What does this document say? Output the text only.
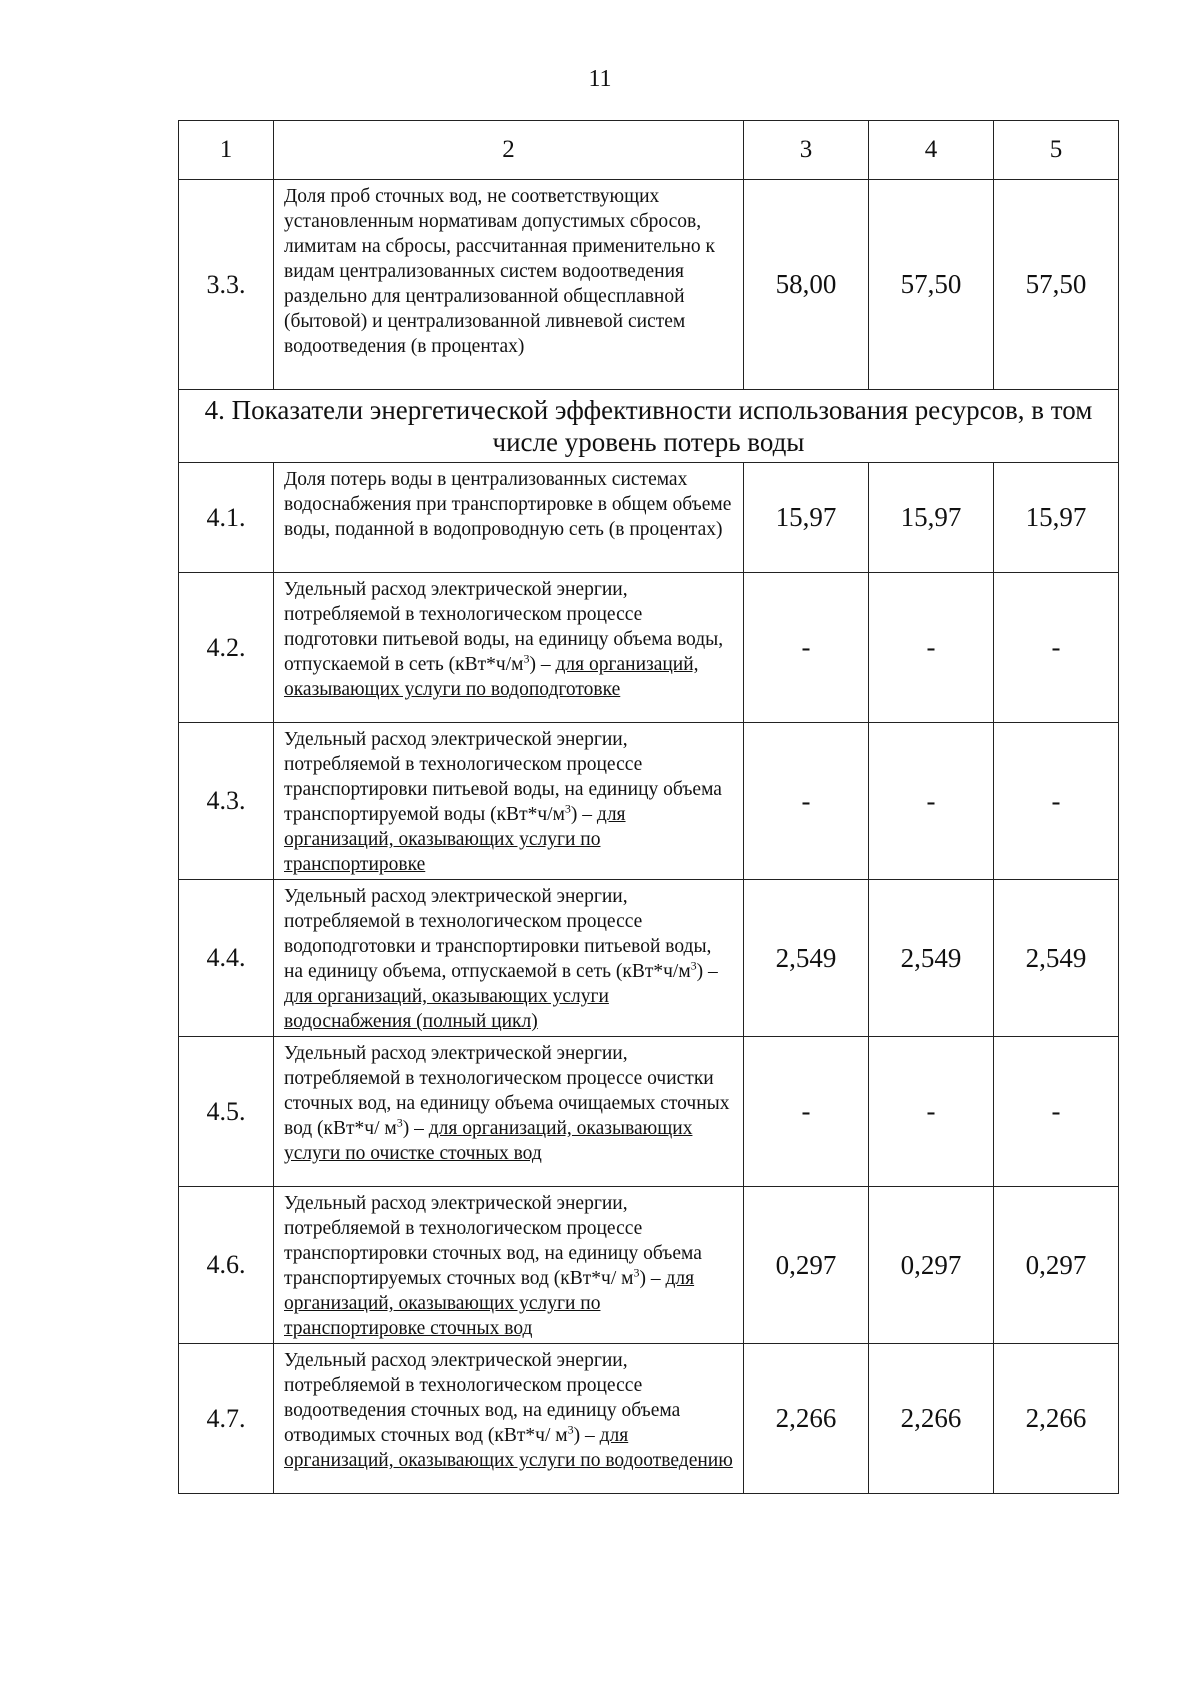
11
1	2	3	4	5
3.3.	Доля проб сточных вод, не соответствующих установленным нормативам допустимых сбросов, лимитам на сбросы, рассчитанная применительно к видам централизованных систем водоотведения раздельно для централизованной общесплавной (бытовой) и централизованной ливневой систем водоотведения (в процентах)	58,00	57,50	57,50
4. Показатели энергетической эффективности использования ресурсов, в том числе уровень потерь воды				
4.1.	Доля потерь воды в централизованных системах водоснабжения при транспортировке в общем объеме воды, поданной в водопроводную сеть (в процентах)	15,97	15,97	15,97
4.2.	Удельный расход электрической энергии, потребляемой в технологическом процессе подготовки питьевой воды, на единицу объема воды, отпускаемой в сеть $(кВт*ч/м^3)$ – для организаций, оказывающих услуги по водоподготовке	-	-	-
4.3.	Удельный расход электрической энергии, потребляемой в технологическом процессе транспортировки питьевой воды, на единицу объема транспортируемой воды $(кВт*ч/м^3)$ – для организаций, оказывающих услуги по транспортировке	-	-	-
4.4.	Удельный расход электрической энергии, потребляемой в технологическом процессе водоподготовки и транспортировки питьевой воды, на единицу объема, отпускаемой в сеть $(кВт*ч/м^3)$ – для организаций, оказывающих услуги водоснабжения (полный цикл)	2,549	2,549	2,549
4.5.	Удельный расход электрической энергии, потребляемой в технологическом процессе очистки сточных вод, на единицу объема очищаемых сточных вод (кВт*ч/ $м^3$) – для организаций, оказывающих услуги по очистке сточных вод	-	-	-
4.6.	Удельный расход электрической энергии, потребляемой в технологическом процессе транспортировки сточных вод, на единицу объема транспортируемых сточных вод (кВт*ч/ $м^3$) – для организаций, оказывающих услуги по транспортировке сточных вод	0,297	0,297	0,297
4.7.	Удельный расход электрической энергии, потребляемой в технологическом процессе водоотведения сточных вод, на единицу объема отводимых сточных вод (кВт*ч/ $м^3$) – для организаций, оказывающих услуги по водоотведению	2,266	2,266	2,266
